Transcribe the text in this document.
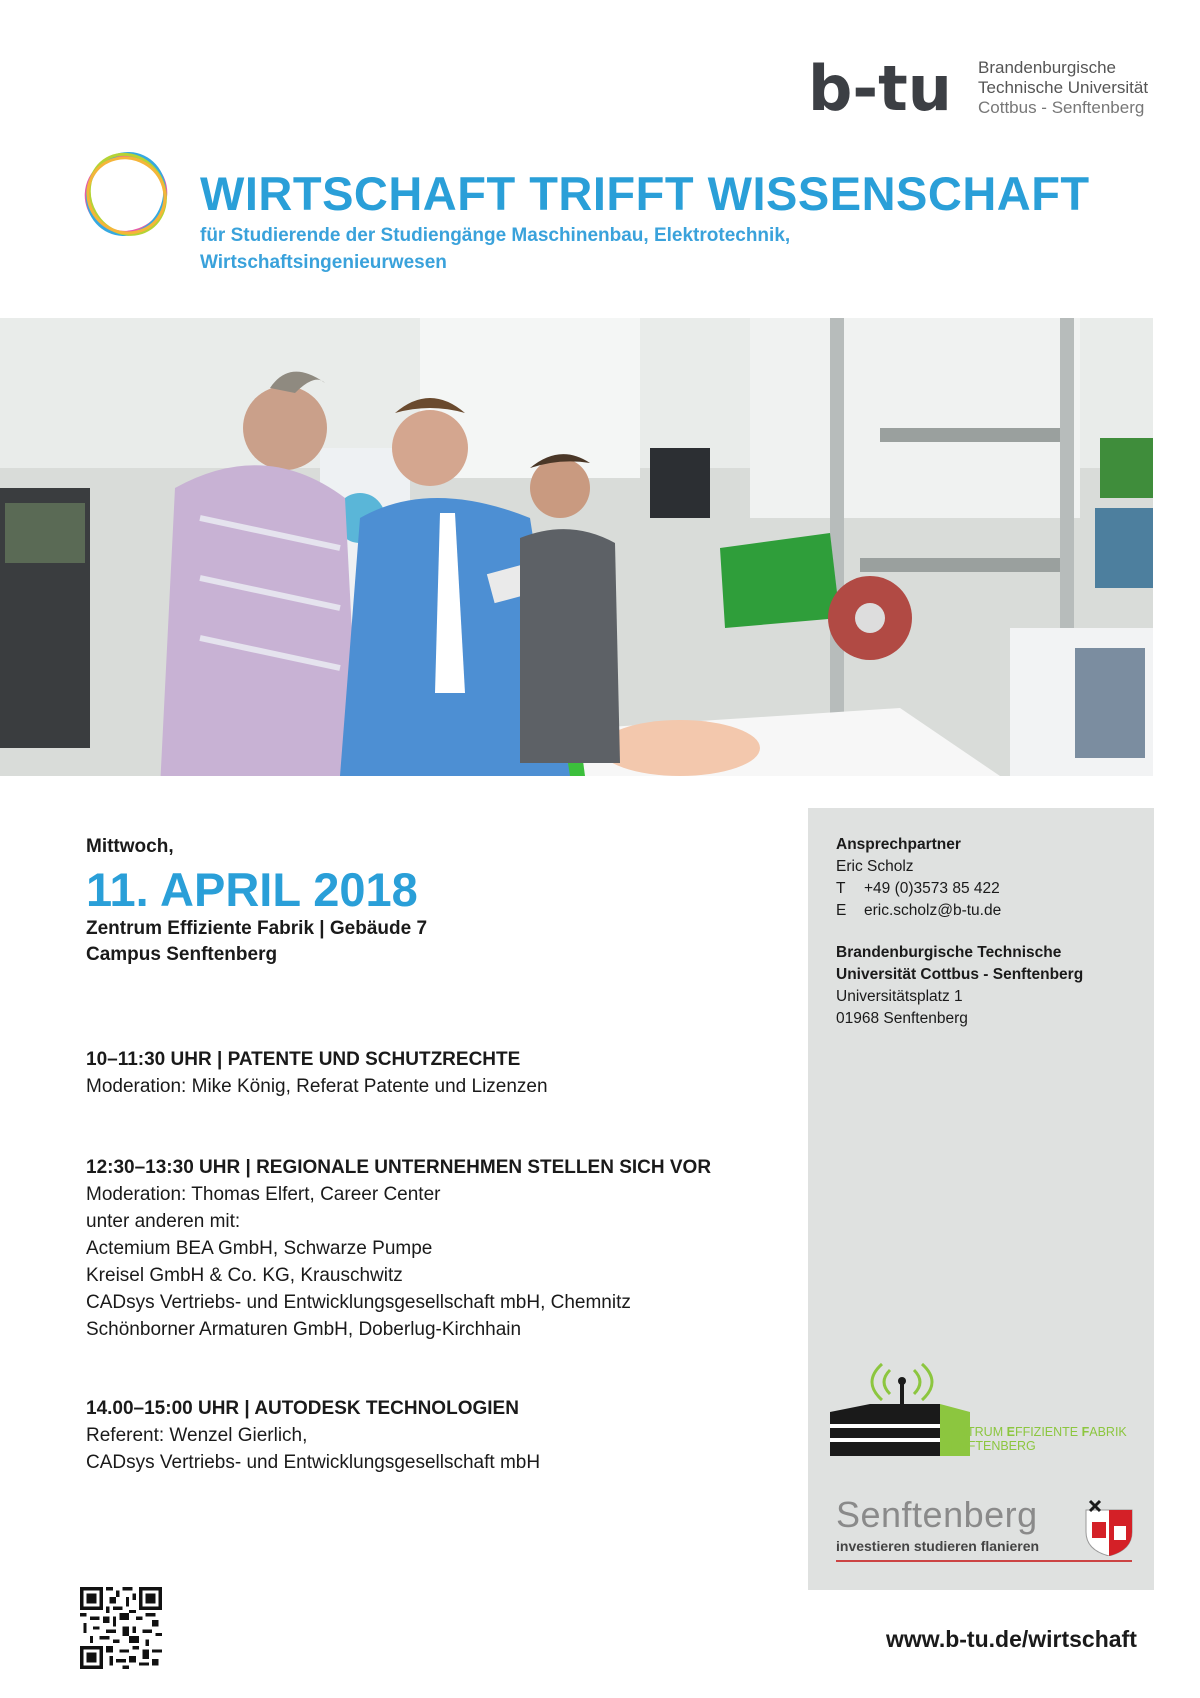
b-tu Brandenburgische
Technische Universität
Cottbus - Senftenberg
WIRTSCHAFT TRIFFT WISSENSCHAFT
für Studierende der Studiengänge Maschinenbau, Elektrotechnik, Wirtschaftsingenieurwesen
Mittwoch,
11. APRIL 2018
Zentrum Effiziente Fabrik | Gebäude 7
Campus Senftenberg
10–11:30 UHR | PATENTE UND SCHUTZRECHTE
Moderation: Mike König, Referat Patente und Lizenzen
12:30–13:30 UHR | REGIONALE UNTERNEHMEN STELLEN SICH VOR
Moderation: Thomas Elfert, Career Center
unter anderen mit:
Actemium BEA GmbH, Schwarze Pumpe
Kreisel GmbH & Co. KG, Krauschwitz
CADsys Vertriebs- und Entwicklungsgesellschaft mbH, Chemnitz
Schönborner Armaturen GmbH, Doberlug-Kirchhain
14.00–15:00 UHR | AUTODESK TECHNOLOGIEN
Referent: Wenzel Gierlich,
CADsys Vertriebs- und Entwicklungsgesellschaft mbH
Ansprechpartner
Eric Scholz
T +49 (0)3573 85 422
E eric.scholz@b-tu.de
Brandenburgische Technische
Universität Cottbus - Senftenberg
Universitätsplatz 1
01968 Senftenberg
ZENTRUM EFFIZIENTE FABRIK
SENFTENBERG
Senftenberg
investieren studieren flanieren
www.b-tu.de/wirtschaft
